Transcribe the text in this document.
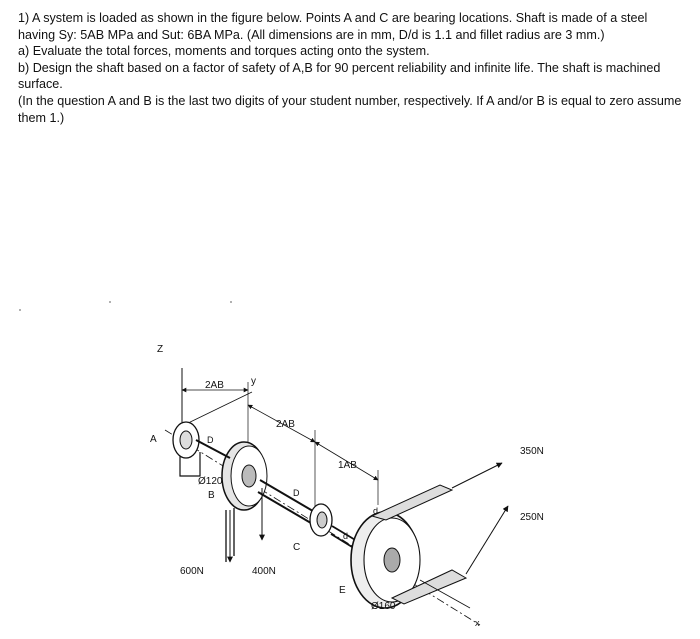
1) A system is loaded as shown in the figure below. Points A and C are bearing locations. Shaft is made of a steel having Sy: 5AB MPa and Sut: 6BA MPa. (All dimensions are in mm, D/d is 1.1 and fillet radius are 3 mm.)

a) Evaluate the total forces, moments and torques acting onto the system.

b) Design the shaft based on a factor of safety of A,B for 90 percent reliability and infinite life. The shaft is machined surface.

(In the question A and B is the last two digits of your student number, respectively. If A and/or B is equal to zero assume them 1.)

Z
2AB	y
2AB
1AB
A	D
Ø120
B	D
d
d
C
E
Ø160
350N
250N
600N	400N
x
